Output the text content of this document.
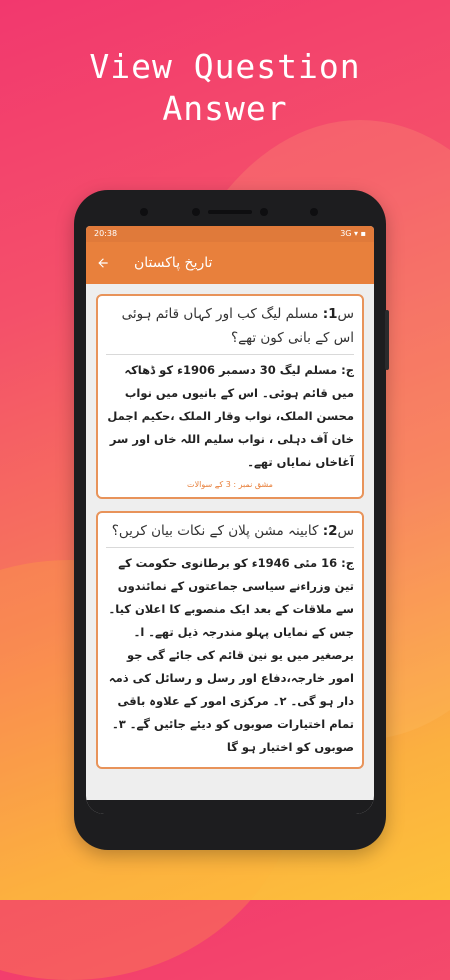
View Question
Answer
20:38	3G ▾ ▪
تاریخ پاکستان
س1: مسلم لیگ کب اور کہاں قائم ہوئی اس کے بانی کون تھے؟
ج: مسلم لیگ 30 دسمبر 1906ء کو ڈھاکہ میں قائم ہوئی۔ اس کے بانیوں میں نواب محسن الملک، نواب وقار الملک ،حکیم اجمل خان آف دہلی ، نواب سلیم اللہ خاں اور سر آغاخاں نمایاں تھے۔
مشق نمبر : 3 کے سوالات
س2: کابینہ مشن پلان کے نکات بیان کریں؟
ج: 16 مئی 1946ء کو برطانوی حکومت کے تین وزراءنے سیاسی جماعتوں کے نمائندوں سے ملاقات کے بعد ایک منصوبے کا اعلان کیا۔ جس کے نمایاں پہلو مندرجہ ذیل تھے۔ ا۔ برصغیر میں یو نین قائم کی جائے گی جو امور خارجہ،دفاع اور رسل و رسائل کی ذمہ دار ہو گی۔ ۲۔ مرکزی امور کے علاوہ باقی تمام اختیارات صوبوں کو دیئے جائیں گے۔ ۳۔ صوبوں کو اختیار ہو گا
